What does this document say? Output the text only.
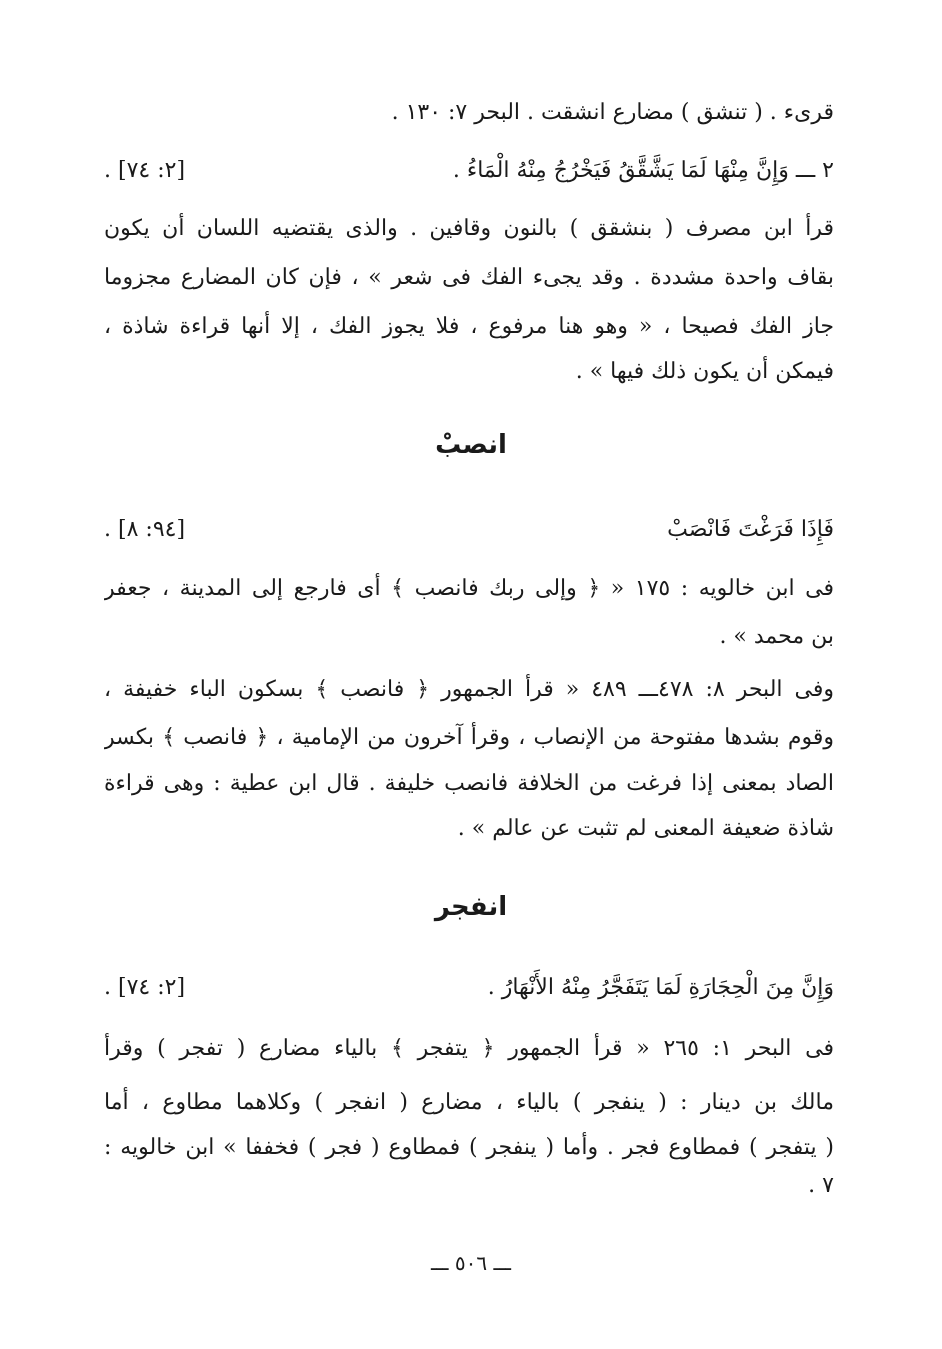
قرىء . ( تنشق ) مضارع انشقت . البحر ٧: ١٣٠ .
٢ ـــ وَإِنَّ مِنْهَا لَمَا يَشَّقَّقُ فَيَخْرُجُ مِنْهُ الْمَاءُ .
[٢: ٧٤] .
قرأ ابن مصرف ( بنشقق ) بالنون وقافين . والذى يقتضيه اللسان أن يكون
بقاف واحدة مشددة . وقد يجىء الفك فى شعر » ، فإن كان المضارع مجزوما
جاز الفك فصيحا ، « وهو هنا مرفوع ، فلا يجوز الفك ، إلا أنها قراءة شاذة ،
فيمكن أن يكون ذلك فيها » .
انصبْ
فَإِذَا فَرَغْتَ فَانْصَبْ
[٩٤: ٨] .
فى ابن خالويه : ١٧٥ « ﴿ وإلى ربك فانصب ﴾ أى فارجع إلى المدينة ، جعفر
بن محمد » .
وفى البحر ٨: ٤٧٨ـــ ٤٨٩ « قرأ الجمهور ﴿ فانصب ﴾ بسكون الباء خفيفة ،
وقوم بشدها مفتوحة من الإنصاب ، وقرأ آخرون من الإمامية ، ﴿ فانصب ﴾ بكسر
الصاد بمعنى إذا فرغت من الخلافة فانصب خليفة . قال ابن عطية : وهى قراءة
شاذة ضعيفة المعنى لم تثبت عن عالم » .
انفجر
وَإِنَّ مِنَ الْحِجَارَةِ لَمَا يَتَفَجَّرُ مِنْهُ الأَنْهَارُ .
[٢: ٧٤] .
فى البحر ١: ٢٦٥ « قرأ الجمهور ﴿ يتفجر ﴾ بالياء مضارع ( تفجر ) وقرأ
مالك بن دينار : ( ينفجر ) بالياء ، مضارع ( انفجر ) وكلاهما مطاوع ، أما
( يتفجر ) فمطاوع فجر . وأما ( ينفجر ) فمطاوع ( فجر ) فخففا » ابن خالويه :
٧ .
ـــ ٥٠٦ ـــ
